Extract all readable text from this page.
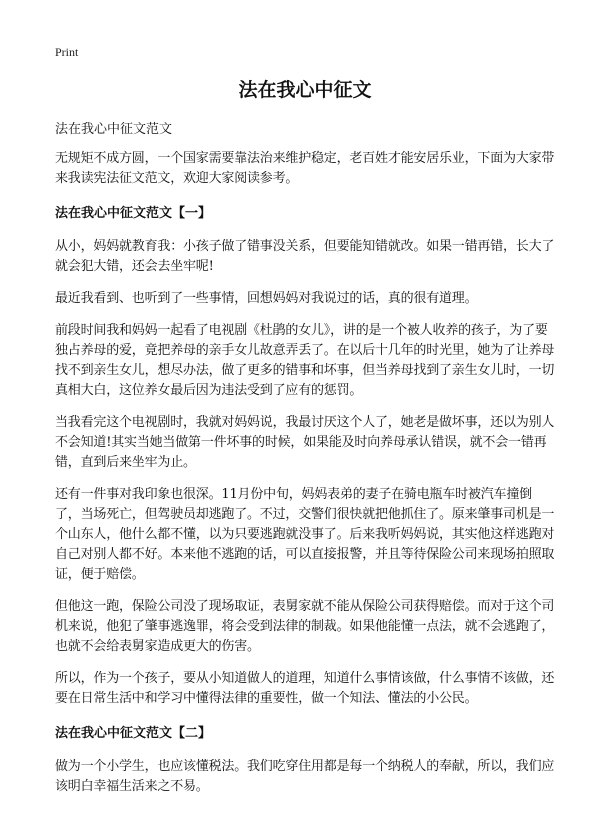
Print
法在我心中征文
法在我心中征文范文

无规矩不成方圆，一个国家需要靠法治来维护稳定，老百姓才能安居乐业，下面为大家带来我读宪法征文范文，欢迎大家阅读参考。

法在我心中征文范文【一】

从小，妈妈就教育我：小孩子做了错事没关系，但要能知错就改。如果一错再错，长大了就会犯大错，还会去坐牢呢!

最近我看到、也听到了一些事情，回想妈妈对我说过的话，真的很有道理。

前段时间我和妈妈一起看了电视剧《杜鹃的女儿》，讲的是一个被人收养的孩子，为了要独占养母的爱，竟把养母的亲手女儿故意弄丢了。在以后十几年的时光里，她为了让养母找不到亲生女儿，想尽办法，做了更多的错事和坏事，但当养母找到了亲生女儿时，一切真相大白，这位养女最后因为违法受到了应有的惩罚。

当我看完这个电视剧时，我就对妈妈说，我最讨厌这个人了，她老是做坏事，还以为别人不会知道!其实当她当做第一件坏事的时候，如果能及时向养母承认错误，就不会一错再错，直到后来坐牢为止。

还有一件事对我印象也很深。11月份中旬，妈妈表弟的妻子在骑电瓶车时被汽车撞倒了，当场死亡，但驾驶员却逃跑了。不过，交警们很快就把他抓住了。原来肇事司机是一个山东人，他什么都不懂，以为只要逃跑就没事了。后来我听妈妈说，其实他这样逃跑对自己对别人都不好。本来他不逃跑的话，可以直接报警，并且等待保险公司来现场拍照取证，便于赔偿。

但他这一跑，保险公司没了现场取证，表舅家就不能从保险公司获得赔偿。而对于这个司机来说，他犯了肇事逃逸罪，将会受到法律的制裁。如果他能懂一点法，就不会逃跑了，也就不会给表舅家造成更大的伤害。

所以，作为一个孩子，要从小知道做人的道理，知道什么事情该做，什么事情不该做，还要在日常生活中和学习中懂得法律的重要性，做一个知法、懂法的小公民。

法在我心中征文范文【二】

做为一个小学生，也应该懂税法。我们吃穿住用都是每一个纳税人的奉献，所以，我们应该明白幸福生活来之不易。
